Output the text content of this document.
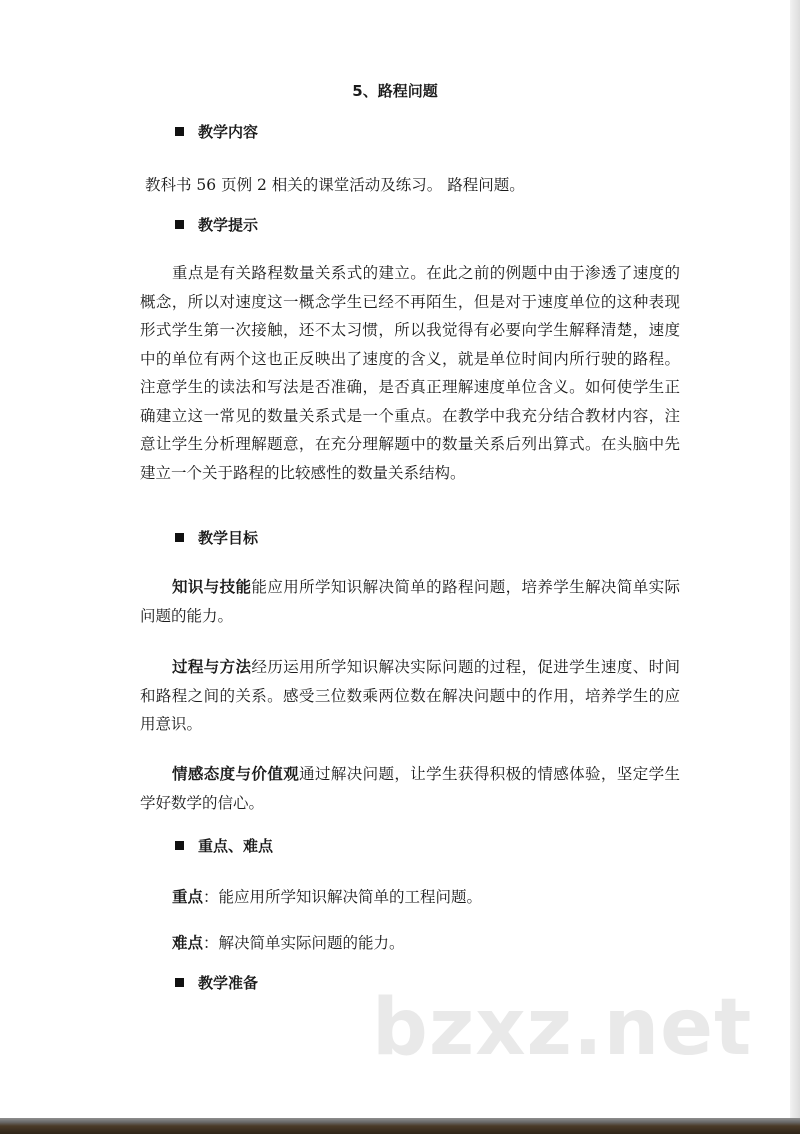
5、路程问题
教学内容

教科书 56 页例 2 相关的课堂活动及练习。 路程问题。

教学提示

重点是有关路程数量关系式的建立。在此之前的例题中由于渗透了速度的概念，所以对速度这一概念学生已经不再陌生，但是对于速度单位的这种表现形式学生第一次接触，还不太习惯，所以我觉得有必要向学生解释清楚，速度中的单位有两个这也正反映出了速度的含义，就是单位时间内所行驶的路程。注意学生的读法和写法是否准确，是否真正理解速度单位含义。如何使学生正确建立这一常见的数量关系式是一个重点。在教学中我充分结合教材内容，注意让学生分析理解题意，在充分理解题中的数量关系后列出算式。在头脑中先建立一个关于路程的比较感性的数量关系结构。

教学目标

知识与技能能应用所学知识解决简单的路程问题，培养学生解决简单实际问题的能力。

过程与方法经历运用所学知识解决实际问题的过程，促进学生速度、时间和路程之间的关系。感受三位数乘两位数在解决问题中的作用，培养学生的应用意识。

情感态度与价值观通过解决问题，让学生获得积极的情感体验，坚定学生学好数学的信心。

重点、难点

重点：能应用所学知识解决简单的工程问题。

难点：解决简单实际问题的能力。

教学准备 bzxz.net
